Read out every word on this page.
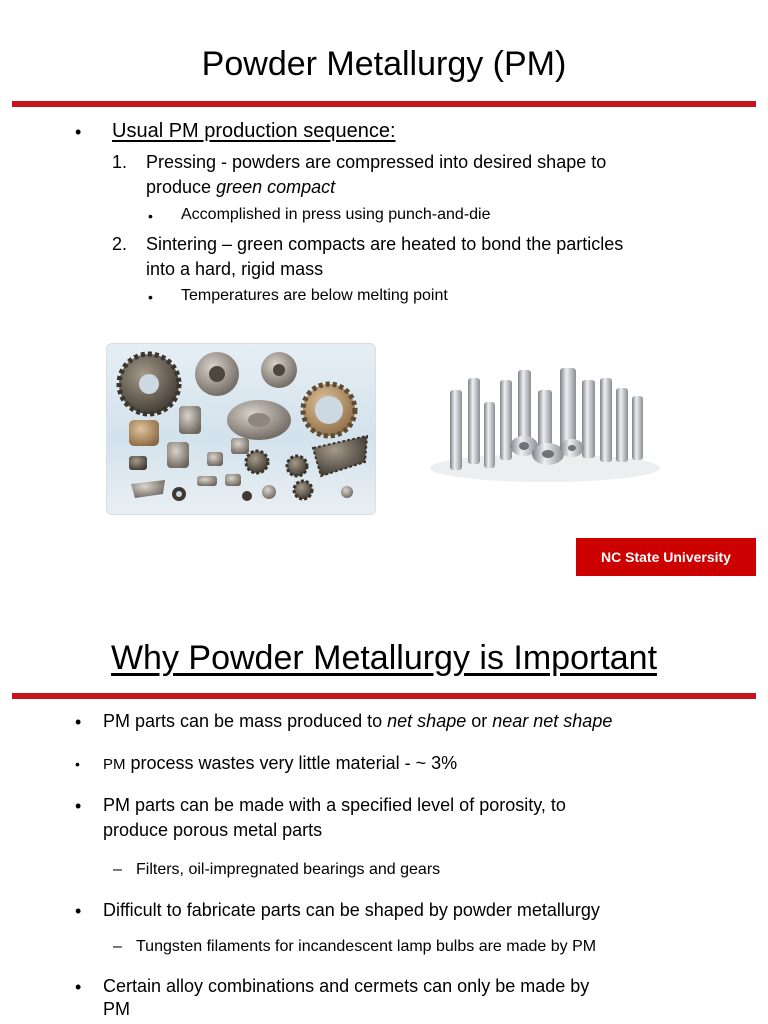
Powder Metallurgy (PM)
• Usual PM production sequence:
1. Pressing - powders are compressed into desired shape to
produce green compact
• Accomplished in press using punch-and-die
2. Sintering – green compacts are heated to bond the particles
into a hard, rigid mass
• Temperatures are below melting point
NC State University
Why Powder Metallurgy is Important
• PM parts can be mass produced to net shape or near net shape
• PM process wastes very little material - ~ 3%
• PM parts can be made with a specified level of porosity, to
produce porous metal parts
– Filters, oil-impregnated bearings and gears
• Difficult to fabricate parts can be shaped by powder metallurgy
– Tungsten filaments for incandescent lamp bulbs are made by PM
• Certain alloy combinations and cermets can only be made by
PM
